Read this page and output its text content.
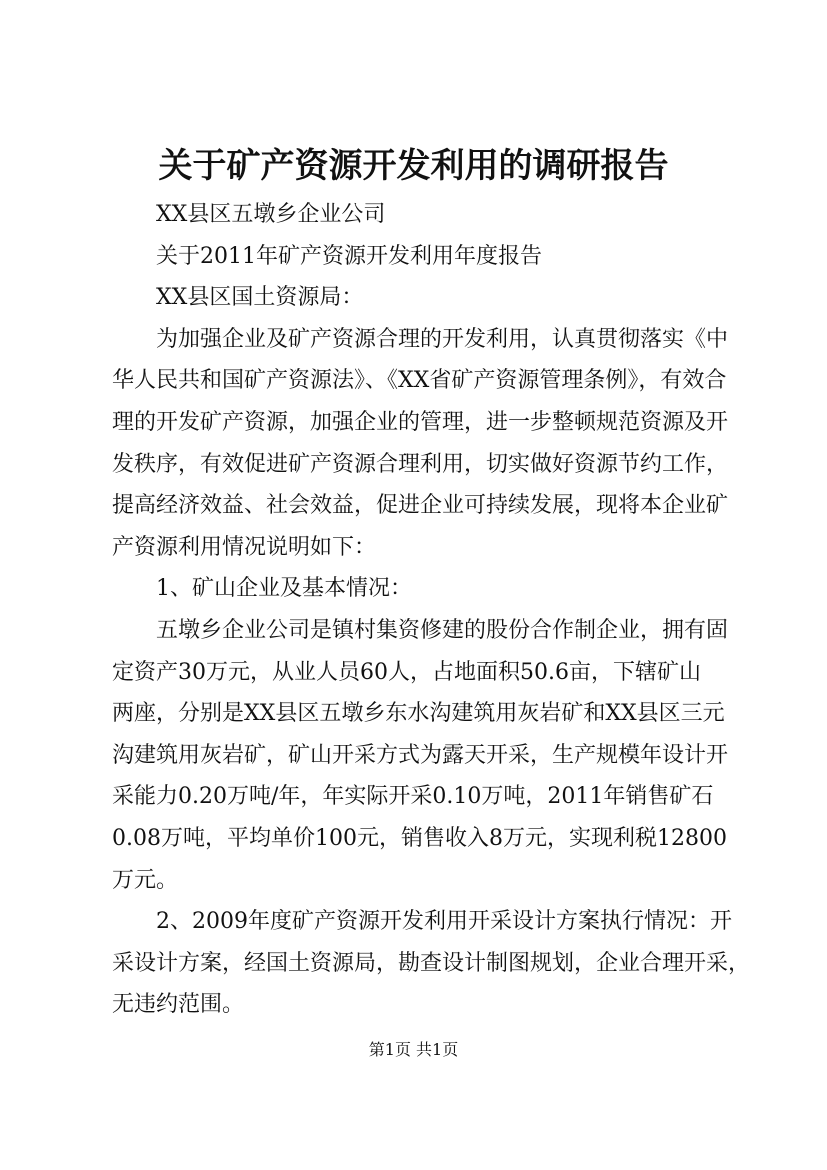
关于矿产资源开发利用的调研报告
XX县区五墩乡企业公司
关于2011年矿产资源开发利用年度报告
XX县区国土资源局：
为加强企业及矿产资源合理的开发利用，认真贯彻落实《中
华人民共和国矿产资源法》、《XX省矿产资源管理条例》，有效合
理的开发矿产资源，加强企业的管理，进一步整顿规范资源及开
发秩序，有效促进矿产资源合理利用，切实做好资源节约工作，
提高经济效益、社会效益，促进企业可持续发展，现将本企业矿
产资源利用情况说明如下：
1、矿山企业及基本情况：
五墩乡企业公司是镇村集资修建的股份合作制企业，拥有固
定资产30万元，从业人员60人，占地面积50.6亩，下辖矿山
两座，分别是XX县区五墩乡东水沟建筑用灰岩矿和XX县区三元
沟建筑用灰岩矿，矿山开采方式为露天开采，生产规模年设计开
采能力0.20万吨/年，年实际开采0.10万吨，2011年销售矿石
0.08万吨，平均单价100元，销售收入8万元，实现利税12800
万元。
2、2009年度矿产资源开发利用开采设计方案执行情况：开
采设计方案，经国土资源局，勘查设计制图规划，企业合理开采，
无违约范围。
第1页 共1页
